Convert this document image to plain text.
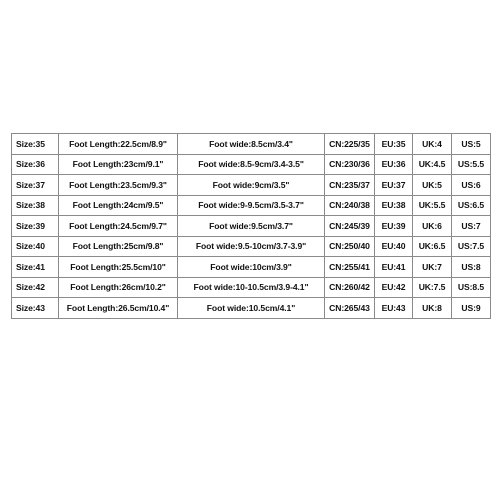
Size:35	Foot Length:22.5cm/8.9"	Foot wide:8.5cm/3.4"	CN:225/35	EU:35	UK:4	US:5
Size:36	Foot Length:23cm/9.1"	Foot wide:8.5-9cm/3.4-3.5"	CN:230/36	EU:36	UK:4.5	US:5.5
Size:37	Foot Length:23.5cm/9.3"	Foot wide:9cm/3.5"	CN:235/37	EU:37	UK:5	US:6
Size:38	Foot Length:24cm/9.5"	Foot wide:9-9.5cm/3.5-3.7"	CN:240/38	EU:38	UK:5.5	US:6.5
Size:39	Foot Length:24.5cm/9.7"	Foot wide:9.5cm/3.7"	CN:245/39	EU:39	UK:6	US:7
Size:40	Foot Length:25cm/9.8"	Foot wide:9.5-10cm/3.7-3.9"	CN:250/40	EU:40	UK:6.5	US:7.5
Size:41	Foot Length:25.5cm/10"	Foot wide:10cm/3.9"	CN:255/41	EU:41	UK:7	US:8
Size:42	Foot Length:26cm/10.2"	Foot wide:10-10.5cm/3.9-4.1"	CN:260/42	EU:42	UK:7.5	US:8.5
Size:43	Foot Length:26.5cm/10.4"	Foot wide:10.5cm/4.1"	CN:265/43	EU:43	UK:8	US:9
